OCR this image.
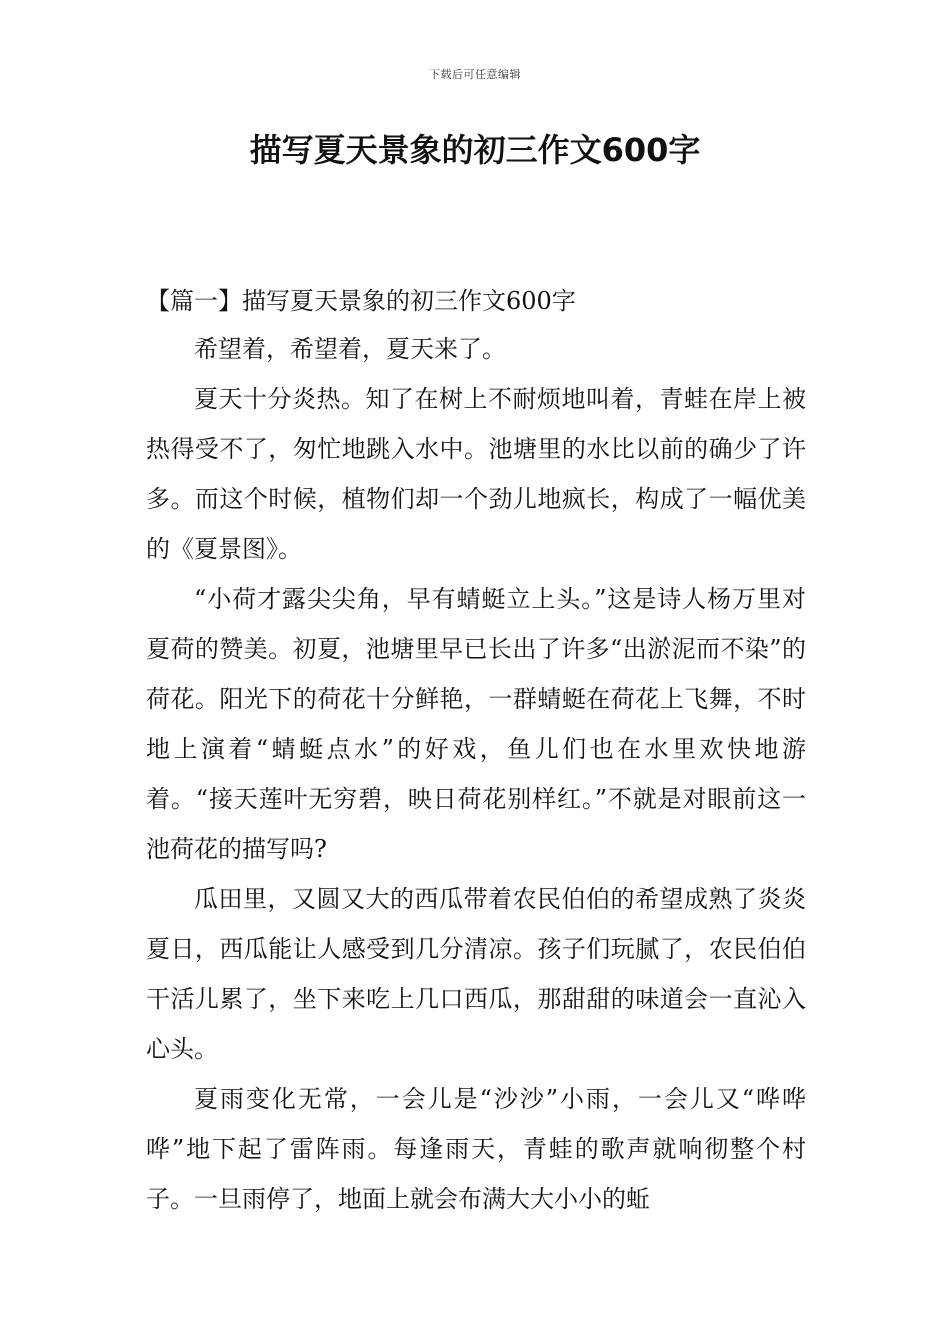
下载后可任意编辑
描写夏天景象的初三作文600字

【篇一】描写夏天景象的初三作文600字

希望着，希望着，夏天来了。

夏天十分炎热。知了在树上不耐烦地叫着，青蛙在岸上被热得受不了，匆忙地跳入水中。池塘里的水比以前的确少了许多。而这个时候，植物们却一个劲儿地疯长，构成了一幅优美的《夏景图》。

“小荷才露尖尖角，早有蜻蜓立上头。”这是诗人杨万里对夏荷的赞美。初夏，池塘里早已长出了许多“出淤泥而不染”的荷花。阳光下的荷花十分鲜艳，一群蜻蜓在荷花上飞舞，不时地上演着“蜻蜓点水”的好戏，鱼儿们也在水里欢快地游着。“接天莲叶无穷碧，映日荷花别样红。”不就是对眼前这一池荷花的描写吗?

瓜田里，又圆又大的西瓜带着农民伯伯的希望成熟了炎炎夏日，西瓜能让人感受到几分清凉。孩子们玩腻了，农民伯伯干活儿累了，坐下来吃上几口西瓜，那甜甜的味道会一直沁入心头。

夏雨变化无常，一会儿是“沙沙”小雨，一会儿又“哗哗哗”地下起了雷阵雨。每逢雨天，青蛙的歌声就响彻整个村子。一旦雨停了，地面上就会布满大大小小的蚯
